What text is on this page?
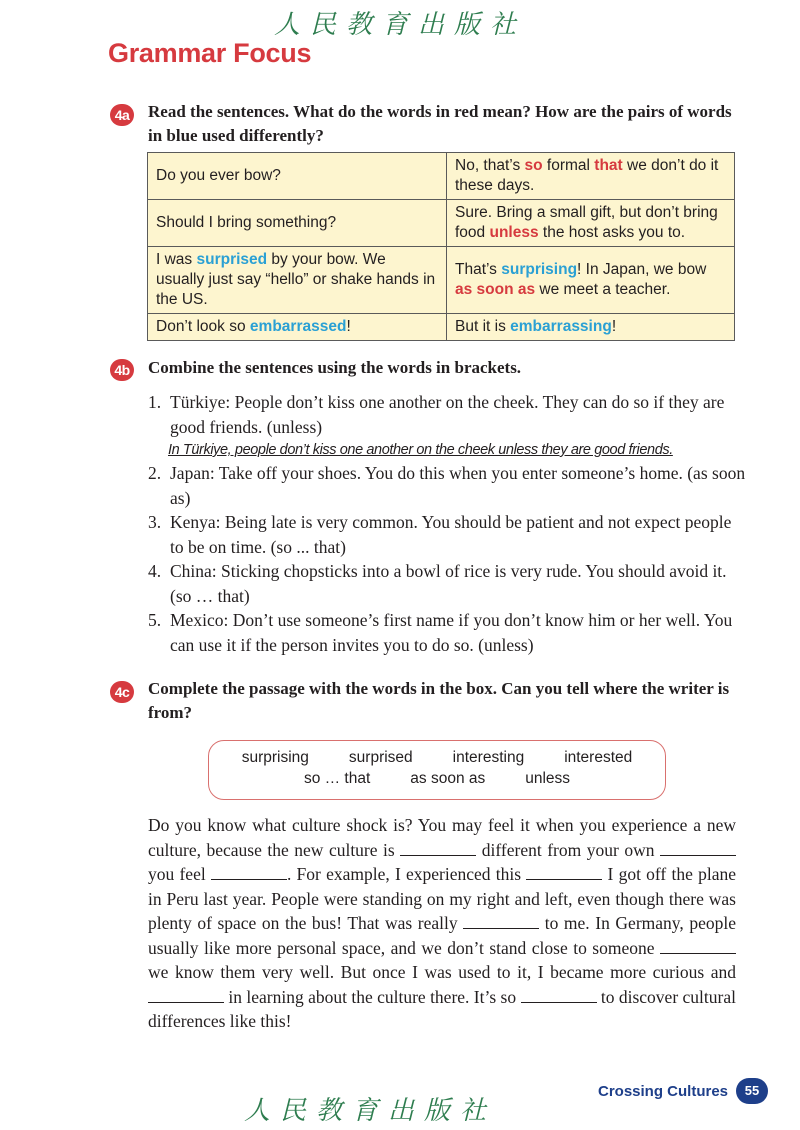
人民教育出版社
Grammar Focus
4a Read the sentences. What do the words in red mean? How are the pairs of words in blue used differently?
Do you ever bow?	No, that’s so formal that we don’t do it these days.
Should I bring something?	Sure. Bring a small gift, but don’t bring food unless the host asks you to.
I was surprised by your bow. We usually just say “hello” or shake hands in the US.	That’s surprising! In Japan, we bow as soon as we meet a teacher.
Don’t look so embarrassed!	But it is embarrassing!
4b Combine the sentences using the words in brackets.
1. Türkiye: People don’t kiss one another on the cheek. They can do so if they are good friends. (unless)
In Türkiye, people don’t kiss one another on the cheek unless they are good friends.
2. Japan: Take off your shoes. You do this when you enter someone’s home. (as soon as)
3. Kenya: Being late is very common. You should be patient and not expect people to be on time. (so ... that)
4. China: Sticking chopsticks into a bowl of rice is very rude. You should avoid it. (so … that)
5. Mexico: Don’t use someone’s first name if you don’t know him or her well. You can use it if the person invites you to do so. (unless)
4c Complete the passage with the words in the box. Can you tell where the writer is from?
surprising	surprised	interesting	interested
so … that	as soon as	unless
Do you know what culture shock is? You may feel it when you experience a new culture, because the new culture is	different from your own  you feel	. For example, I experienced this	I got off the plane in Peru last year. People were standing on my right and left, even though there was plenty of space on the bus! That was really	to me. In Germany, people usually like more personal space, and we don’t stand close to someone  we know them very well. But once I was used to it, I became more curious and  in learning about the culture there. It’s so	to discover cultural differences like this!
Crossing Cultures	55
人民教育出版社
